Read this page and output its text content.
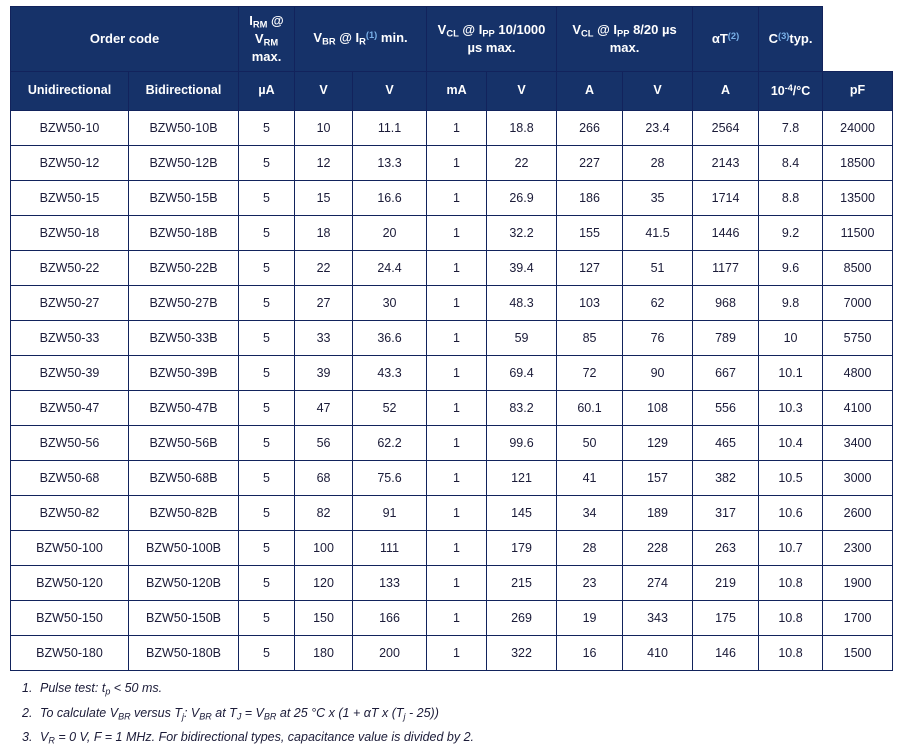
Order code		$I_{RM}$ @ $V_{RM}$ max.	$V_{BR}$ @ $I_R^{(1)}$ min.		$V_{CL}$ @ $I_{PP}$ 10/1000 µs max.		$V_{CL}$ @ $I_{PP}$ 8/20 µs max.		$\alpha T^{(2)}$	$C^{(3)}typ$.	
Unidirectional	Bidirectional	µA	V	V	mA	V	A	V	A	$10^{-4}/^\circ C$	pF
BZW50-10	BZW50-10B	5	10	11.1	1	18.8	266	23.4	2564	7.8	24000
BZW50-12	BZW50-12B	5	12	13.3	1	22	227	28	2143	8.4	18500
BZW50-15	BZW50-15B	5	15	16.6	1	26.9	186	35	1714	8.8	13500
BZW50-18	BZW50-18B	5	18	20	1	32.2	155	41.5	1446	9.2	11500
BZW50-22	BZW50-22B	5	22	24.4	1	39.4	127	51	1177	9.6	8500
BZW50-27	BZW50-27B	5	27	30	1	48.3	103	62	968	9.8	7000
BZW50-33	BZW50-33B	5	33	36.6	1	59	85	76	789	10	5750
BZW50-39	BZW50-39B	5	39	43.3	1	69.4	72	90	667	10.1	4800
BZW50-47	BZW50-47B	5	47	52	1	83.2	60.1	108	556	10.3	4100
BZW50-56	BZW50-56B	5	56	62.2	1	99.6	50	129	465	10.4	3400
BZW50-68	BZW50-68B	5	68	75.6	1	121	41	157	382	10.5	3000
BZW50-82	BZW50-82B	5	82	91	1	145	34	189	317	10.6	2600
BZW50-100	BZW50-100B	5	100	111	1	179	28	228	263	10.7	2300
BZW50-120	BZW50-120B	5	120	133	1	215	23	274	219	10.8	1900
BZW50-150	BZW50-150B	5	150	166	1	269	19	343	175	10.8	1700
BZW50-180	BZW50-180B	5	180	200	1	322	16	410	146	10.8	1500
1. Pulse test: $t_p < 50$ ms.
2. To calculate $V_{BR}$ versus $T_j$: $V_{BR}$ at $T_J = V_{BR}$ at 25 °C x (1 + αT x $(T_j - 25)$)
3. $V_R = 0$ V, F = 1 MHz. For bidirectional types, capacitance value is divided by 2.
